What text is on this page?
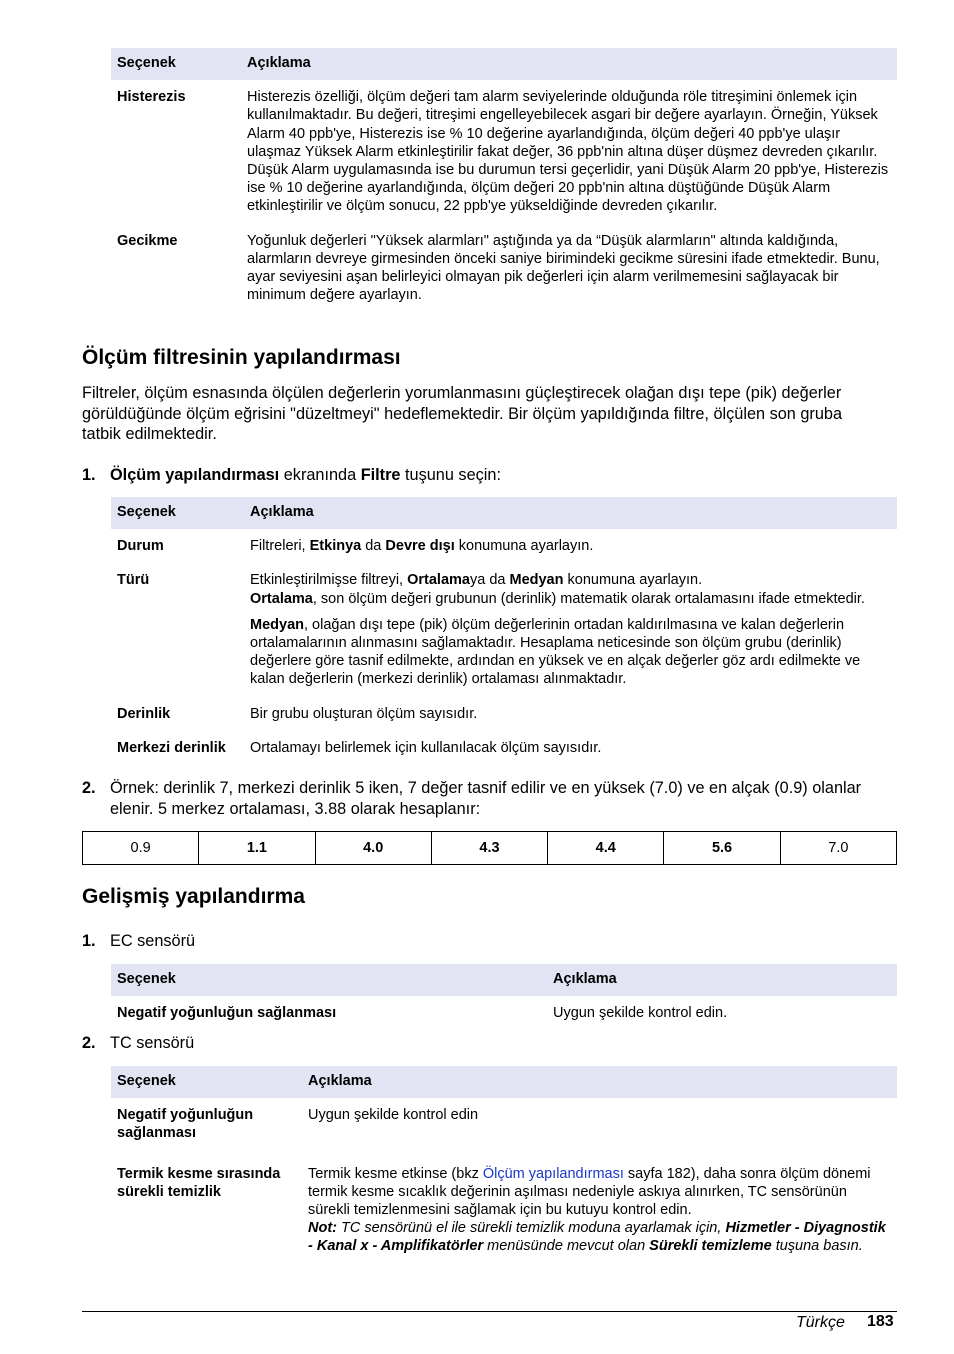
Seçenek	Açıklama
Histerezis	Histerezis özelliği, ölçüm değeri tam alarm seviyelerinde olduğunda röle titreşimini önlemek için kullanılmaktadır. Bu değeri, titreşimi engelleyebilecek asgari bir değere ayarlayın. Örneğin, Yüksek Alarm 40 ppb'ye, Histerezis ise % 10 değerine ayarlandığında, ölçüm değeri 40 ppb'ye ulaşır ulaşmaz Yüksek Alarm etkinleştirilir fakat değer, 36 ppb'nin altına düşer düşmez devreden çıkarılır. Düşük Alarm uygulamasında ise bu durumun tersi geçerlidir, yani Düşük Alarm 20 ppb'ye, Histerezis ise % 10 değerine ayarlandığında, ölçüm değeri 20 ppb'nin altına düştüğünde Düşük Alarm etkinleştirilir ve ölçüm sonucu, 22 ppb'ye yükseldiğinde devreden çıkarılır.
Gecikme	Yoğunluk değerleri "Yüksek alarmları" aştığında ya da “Düşük alarmların" altında kaldığında, alarmların devreye girmesinden önceki saniye birimindeki gecikme süresini ifade etmektedir. Bunu, ayar seviyesini aşan belirleyici olmayan pik değerleri için alarm verilmemesini sağlayacak bir minimum değere ayarlayın.
Ölçüm filtresinin yapılandırması
Filtreler, ölçüm esnasında ölçülen değerlerin yorumlanmasını güçleştirecek olağan dışı tepe (pik) değerler görüldüğünde ölçüm eğrisini "düzeltmeyi" hedeflemektedir. Bir ölçüm yapıldığında filtre, ölçülen son gruba tatbik edilmektedir.
1. Ölçüm yapılandırması ekranında Filtre tuşunu seçin:
Seçenek	Açıklama
Durum	Filtreleri, Etkinya da Devre dışı konumuna ayarlayın.
Türü	Etkinleştirilmişse filtreyi, Ortalamaya da Medyan konumuna ayarlayın.
Ortalama, son ölçüm değeri grubunun (derinlik) matematik olarak ortalamasını ifade etmektedir.

Medyan, olağan dışı tepe (pik) ölçüm değerlerinin ortadan kaldırılmasına ve kalan değerlerin ortalamalarının alınmasını sağlamaktadır. Hesaplama neticesinde son ölçüm grubu (derinlik) değerlere göre tasnif edilmekte, ardından en yüksek ve en alçak değerler göz ardı edilmekte ve kalan değerlerin (merkezi derinlik) ortalaması alınmaktadır.

Derinlik	Bir grubu oluşturan ölçüm sayısıdır.
Merkezi derinlik	Ortalamayı belirlemek için kullanılacak ölçüm sayısıdır.
2. Örnek: derinlik 7, merkezi derinlik 5 iken, 7 değer tasnif edilir ve en yüksek (7.0) ve en alçak (0.9) olanlar elenir. 5 merkez ortalaması, 3.88 olarak hesaplanır:
0.9	1.1	4.0	4.3	4.4	5.6	7.0
Gelişmiş yapılandırma
1. EC sensörü
Seçenek	Açıklama
Negatif yoğunluğun sağlanması	Uygun şekilde kontrol edin.
2. TC sensörü
Seçenek	Açıklama
Negatif yoğunluğun sağlanması	Uygun şekilde kontrol edin
Termik kesme sırasında sürekli temizlik	Termik kesme etkinse (bkz Ölçüm yapılandırması sayfa 182), daha sonra ölçüm dönemi termik kesme sıcaklık değerinin aşılması nedeniyle askıya alınırken, TC sensörünün sürekli temizlenmesini sağlamak için bu kutuyu kontrol edin.
Not: TC sensörünü el ile sürekli temizlik moduna ayarlamak için, Hizmetler - Diyagnostik - Kanal x - Amplifikatörler menüsünde mevcut olan Sürekli temizleme tuşuna basın.
Türkçe 183
